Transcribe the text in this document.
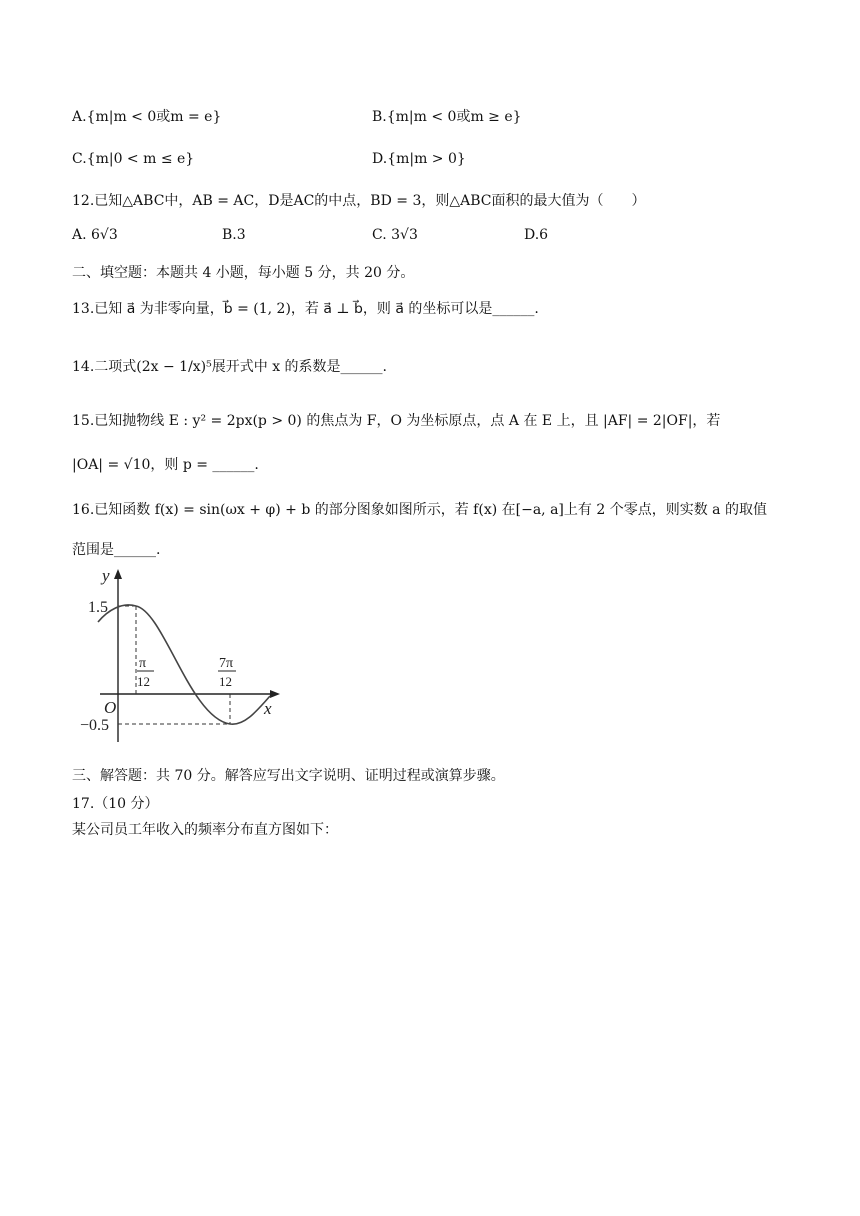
A.{m|m < 0或m = e}	B.{m|m < 0或m ≥ e}
C.{m|0 < m ≤ e}	D.{m|m > 0}
12.已知△ABC中，AB = AC，D是AC的中点，BD = 3，则△ABC面积的最大值为（　　）
A. 6√3	B.3	C. 3√3	D.6
二、填空题：本题共 4 小题，每小题 5 分，共 20 分。
13.已知 a⃗ 为非零向量，b⃗ = (1, 2)，若 a⃗ ⊥ b⃗，则 a⃗ 的坐标可以是______.
14.二项式(2x − 1/x)⁵展开式中 x 的系数是______.
15.已知抛物线 E : y² = 2px(p > 0) 的焦点为 F，O 为坐标原点，点 A 在 E 上，且 |AF| = 2|OF|，若
|OA| = √10，则 p = ______.
16.已知函数 f(x) = sin(ωx + φ) + b 的部分图象如图所示，若 f(x) 在[−a, a]上有 2 个零点，则实数 a 的取值
范围是______.
y
x
O
1.5
−0.5
π
12
7π
12
三、解答题：共 70 分。解答应写出文字说明、证明过程或演算步骤。
17.（10 分）
某公司员工年收入的频率分布直方图如下：
